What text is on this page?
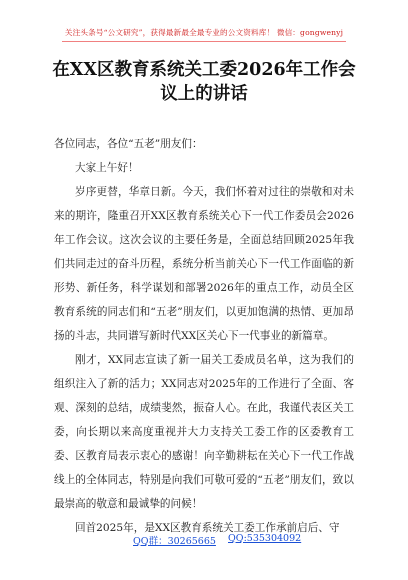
关注头条号“公文研究”，获得最新最全最专业的公文资料库！ 微信：gongwenyj
在XX区教育系统关工委2026年工作会
议上的讲话

各位同志，各位“五老”朋友们：

大家上午好！

岁序更替，华章日新。今天，我们怀着对过往的崇敬和对未来的期许，隆重召开XX区教育系统关心下一代工作委员会2026年工作会议。这次会议的主要任务是，全面总结回顾2025年我们共同走过的奋斗历程，系统分析当前关心下一代工作面临的新形势、新任务，科学谋划和部署2026年的重点工作，动员全区教育系统的同志们和“五老”朋友们，以更加饱满的热情、更加昂扬的斗志，共同谱写新时代XX区关心下一代事业的新篇章。

刚才，XX同志宣读了新一届关工委成员名单，这为我们的组织注入了新的活力；XX同志对2025年的工作进行了全面、客观、深刻的总结，成绩斐然，振奋人心。在此，我谨代表区关工委，向长期以来高度重视并大力支持关工委工作的区委教育工委、区教育局表示衷心的感谢！向辛勤耕耘在关心下一代工作战线上的全体同志，特别是向我们可敬可爱的“五老”朋友们，致以最崇高的敬意和最诚挚的问候！

回首2025年，是XX区教育系统关工委工作承前启后、守

QQ群：30265665 QQ:535304092
